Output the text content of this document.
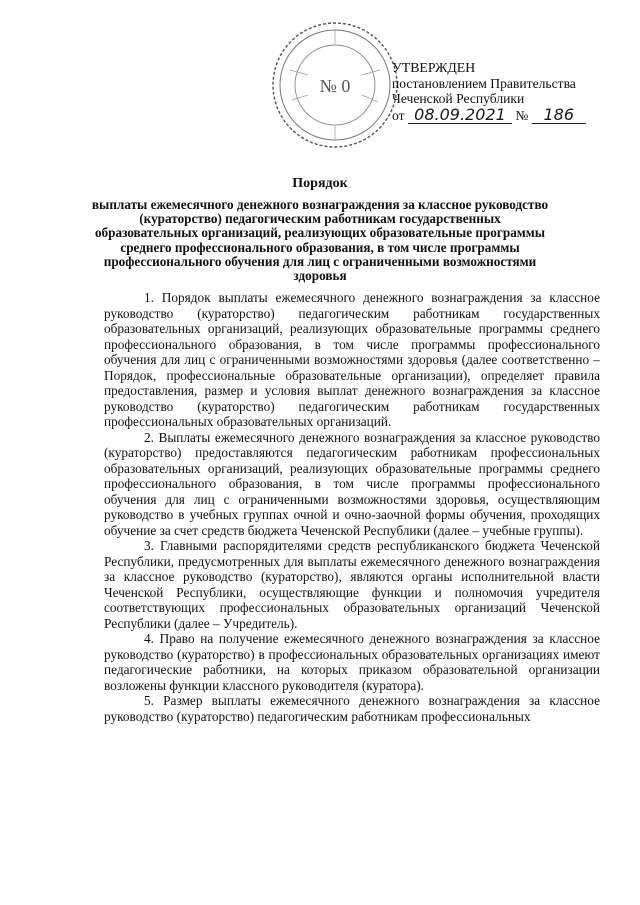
№ 0
УТВЕРЖДЕН
постановлением Правительства
Чеченской Республики
от 08.09.2021 № 186
Порядок
выплаты ежемесячного денежного вознаграждения за классное руководство (кураторство) педагогическим работникам государственных образовательных организаций, реализующих образовательные программы среднего профессионального образования, в том числе программы профессионального обучения для лиц с ограниченными возможностями здоровья

1. Порядок выплаты ежемесячного денежного вознаграждения за классное руководство (кураторство) педагогическим работникам государственных образовательных организаций, реализующих образовательные программы среднего профессионального образования, в том числе программы профессионального обучения для лиц с ограниченными возможностями здоровья (далее соответственно – Порядок, профессиональные образовательные организации), определяет правила предоставления, размер и условия выплат денежного вознаграждения за классное руководство (кураторство) педагогическим работникам государственных профессиональных образовательных организаций.

2. Выплаты ежемесячного денежного вознаграждения за классное руководство (кураторство) предоставляются педагогическим работникам профессиональных образовательных организаций, реализующих образовательные программы среднего профессионального образования, в том числе программы профессионального обучения для лиц с ограниченными возможностями здоровья, осуществляющим руководство в учебных группах очной и очно-заочной формы обучения, проходящих обучение за счет средств бюджета Чеченской Республики (далее – учебные группы).

3. Главными распорядителями средств республиканского бюджета Чеченской Республики, предусмотренных для выплаты ежемесячного денежного вознаграждения за классное руководство (кураторство), являются органы исполнительной власти Чеченской Республики, осуществляющие функции и полномочия учредителя соответствующих профессиональных образовательных организаций Чеченской Республики (далее – Учредитель).

4. Право на получение ежемесячного денежного вознаграждения за классное руководство (кураторство) в профессиональных образовательных организациях имеют педагогические работники, на которых приказом образовательной организации возложены функции классного руководителя (куратора).

5. Размер выплаты ежемесячного денежного вознаграждения за классное руководство (кураторство) педагогическим работникам профессиональных
